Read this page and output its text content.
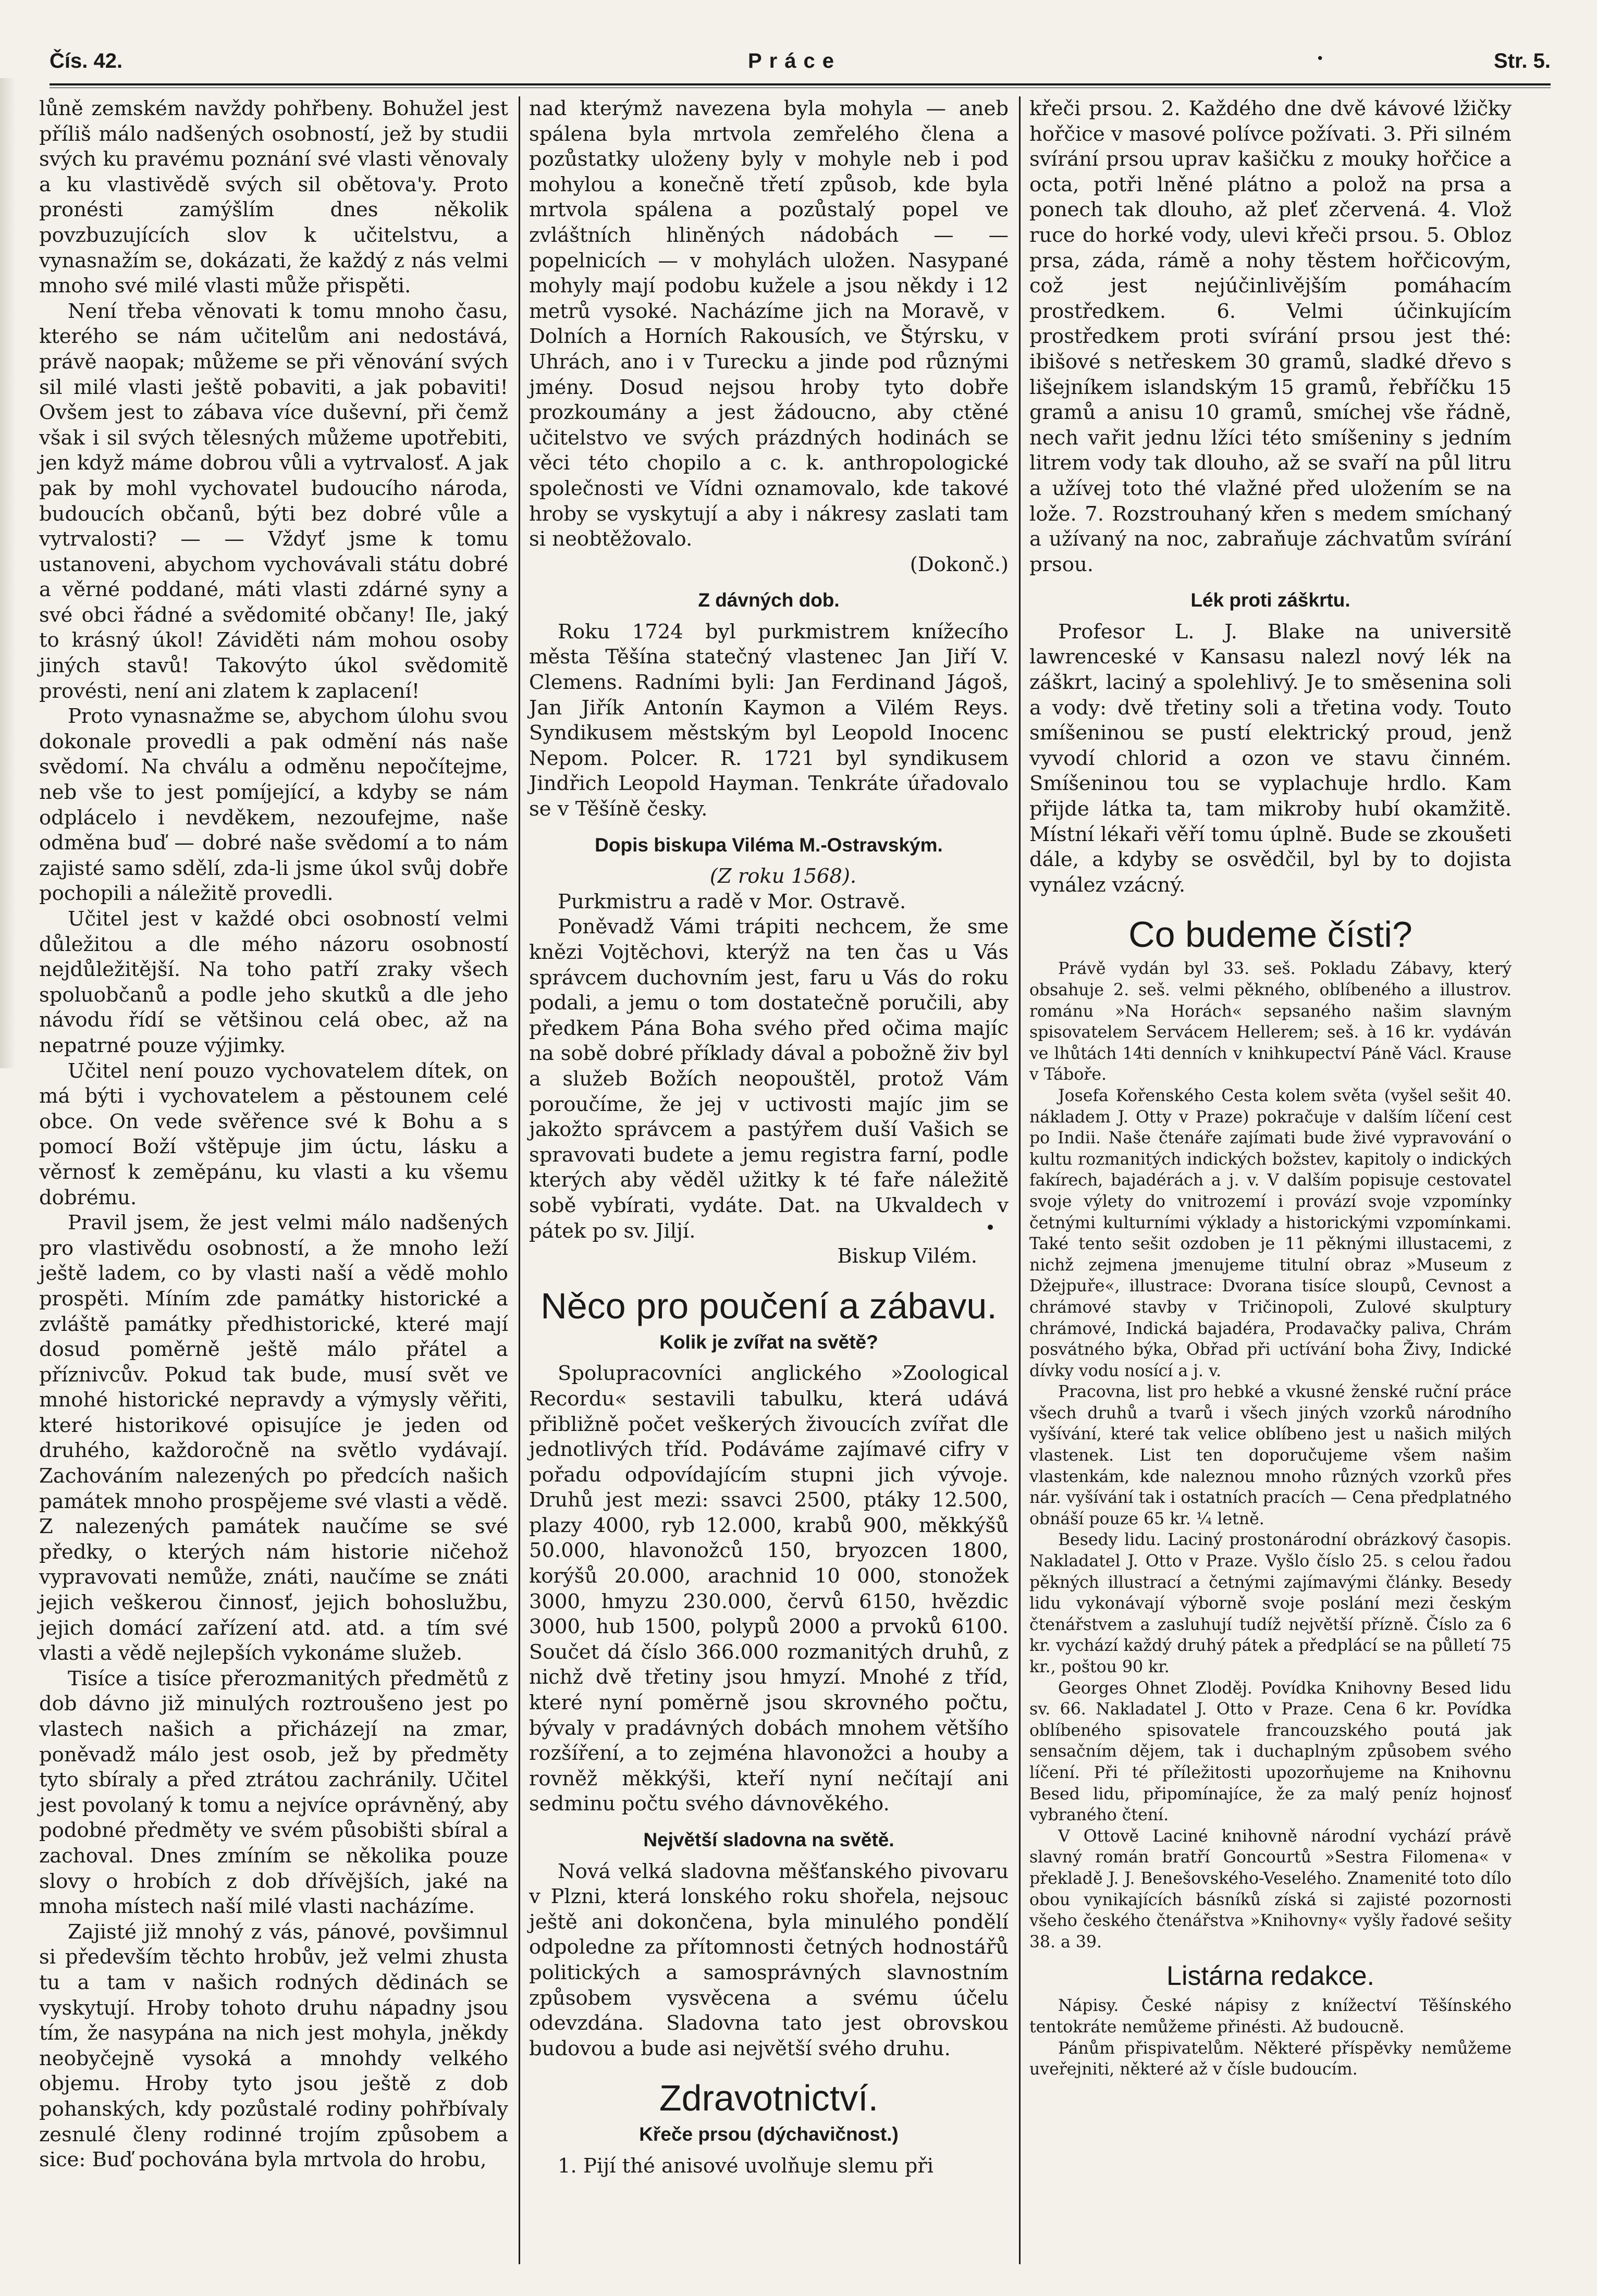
Čís. 42.	Práce	Str. 5.
•

lůně zemském navždy pohřbeny. Bohužel jest příliš málo nadšených osobností, jež by studii svých ku pravému poznání své vlasti věnovaly a ku vlastivědě svých sil obětova'y. Proto pronésti zamýšlím dnes několik povzbuzujících slov k učitelstvu, a vynasnažím se, dokázati, že každý z nás velmi mnoho své milé vlasti může přispěti.

Není třeba věnovati k tomu mnoho času, kterého se nám učitelům ani nedostává, právě naopak; můžeme se při věnování svých sil milé vlasti ještě pobaviti, a jak pobaviti! Ovšem jest to zábava více duševní, při čemž však i sil svých tělesných můžeme upotřebiti, jen když máme dobrou vůli a vytrvalosť. A jak pak by mohl vychovatel budoucího národa, budoucích občanů, býti bez dobré vůle a vytrvalosti? — — Vždyť jsme k tomu ustanoveni, abychom vychovávali státu dobré a věrné poddané, máti vlasti zdárné syny a své obci řádné a svědomité občany! Ile, jaký to krásný úkol! Záviděti nám mohou osoby jiných stavů! Takovýto úkol svědomitě provésti, není ani zlatem k zaplacení!

Proto vynasnažme se, abychom úlohu svou dokonale provedli a pak odmění nás naše svědomí. Na chválu a odměnu nepočítejme, neb vše to jest pomíjející, a kdyby se nám odplácelo i nevděkem, nezoufejme, naše odměna buď — dobré naše svědomí a to nám zajisté samo sdělí, zda-li jsme úkol svůj dobře pochopili a náležitě provedli.

Učitel jest v každé obci osobností velmi důležitou a dle mého názoru osobností nejdůležitější. Na toho patří zraky všech spoluobčanů a podle jeho skutků a dle jeho návodu řídí se většinou celá obec, až na nepatrné pouze výjimky.

Učitel není pouzo vychovatelem dítek, on má býti i vychovatelem a pěstounem celé obce. On vede svěřence své k Bohu a s pomocí Boží vštěpuje jim úctu, lásku a věrnosť k zeměpánu, ku vlasti a ku všemu dobrému.

Pravil jsem, že jest velmi málo nadšených pro vlastivědu osobností, a že mnoho leží ještě ladem, co by vlasti naší a vědě mohlo prospěti. Míním zde památky historické a zvláště památky předhistorické, které mají dosud poměrně ještě málo přátel a příznivcův. Pokud tak bude, musí svět ve mnohé historické nepravdy a výmysly věřiti, které historikové opisujíce je jeden od druhého, každoročně na světlo vydávají. Zachováním nalezených po předcích našich památek mnoho prospějeme své vlasti a vědě. Z nalezených památek naučíme se své předky, o kterých nám historie ničehož vypravovati nemůže, znáti, naučíme se znáti jejich veškerou činnosť, jejich bohoslužbu, jejich domácí zařízení atd. atd. a tím své vlasti a vědě nejlepších vykonáme služeb.

Tisíce a tisíce přerozmanitých předmětů z dob dávno již minulých roztroušeno jest po vlastech našich a přicházejí na zmar, poněvadž málo jest osob, jež by předměty tyto sbíraly a před ztrátou zachránily. Učitel jest povolaný k tomu a nejvíce oprávněný, aby podobné předměty ve svém působišti sbíral a zachoval. Dnes zmíním se několika pouze slovy o hrobích z dob dřívějších, jaké na mnoha místech naší milé vlasti nacházíme.

Zajisté již mnohý z vás, pánové, povšimnul si především těchto hrobův, jež velmi zhusta tu a tam v našich rodných dědinách se vyskytují. Hroby tohoto druhu nápadny jsou tím, že nasypána na nich jest mohyla, jněkdy neobyčejně vysoká a mnohdy velkého objemu. Hroby tyto jsou ještě z dob pohanských, kdy pozůstalé rodiny pohřbívaly zesnulé členy rodinné trojím způsobem a sice: Buď pochována byla mrtvola do hrobu,

nad kterýmž navezena byla mohyla — aneb spálena byla mrtvola zemřelého člena a pozůstatky uloženy byly v mohyle neb i pod mohylou a konečně třetí způsob, kde byla mrtvola spálena a pozůstalý popel ve zvláštních hliněných nádobách — — popelnicích — v mohylách uložen. Nasypané mohyly mají podobu kužele a jsou někdy i 12 metrů vysoké. Nacházíme jich na Moravě, v Dolních a Horních Rakousích, ve Štýrsku, v Uhrách, ano i v Turecku a jinde pod různými jmény. Dosud nejsou hroby tyto dobře prozkoumány a jest žádoucno, aby ctěné učitelstvo ve svých prázdných hodinách se věci této chopilo a c. k. anthropologické společnosti ve Vídni oznamovalo, kde takové hroby se vyskytují a aby i nákresy zaslati tam si neobtěžovalo.

(Dokonč.)

Z dávných dob.

Roku 1724 byl purkmistrem knížecího města Těšína statečný vlastenec Jan Jiří V. Clemens. Radními byli: Jan Ferdinand Jágoš, Jan Jiřík Antonín Kaymon a Vilém Reys. Syndikusem městským byl Leopold Inocenc Nepom. Polcer. R. 1721 byl syndikusem Jindřich Leopold Hayman. Tenkráte úřadovalo se v Těšíně česky.

Dopis biskupa Viléma M.-Ostravským.

(Z roku 1568).

Purkmistru a radě v Mor. Ostravě.

Poněvadž Vámi trápiti nechcem, že sme knězi Vojtěchovi, kterýž na ten čas u Vás správcem duchovním jest, faru u Vás do roku podali, a jemu o tom dostatečně poručili, aby předkem Pána Boha svého před očima majíc na sobě dobré příklady dával a pobožně živ byl a služeb Božích neopouštěl, protož Vám poroučíme, že jej v uctivosti majíc jim se jakožto správcem a pastýřem duší Vašich se spravovati budete a jemu registra farní, podle kterých aby věděl užitky k té faře náležitě sobě vybírati, vydáte. Dat. na Ukvaldech v pátek po sv. Jiljí.

Biskup Vilém.

Něco pro poučení a zábavu.
Kolik je zvířat na světě?

Spolupracovníci anglického »Zoological Recordu« sestavili tabulku, která udává přibližně počet veškerých živoucích zvířat dle jednotlivých tříd. Podáváme zajímavé cifry v pořadu odpovídajícím stupni jich vývoje. Druhů jest mezi: ssavci 2500, ptáky 12.500, plazy 4000, ryb 12.000, krabů 900, měkkýšů 50.000, hlavonožců 150, bryozcen 1800, korýšů 20.000, arachnid 10 000, stonožek 3000, hmyzu 230.000, červů 6150, hvězdic 3000, hub 1500, polypů 2000 a prvoků 6100. Součet dá číslo 366.000 rozmanitých druhů, z nichž dvě třetiny jsou hmyzí. Mnohé z tříd, které nyní poměrně jsou skrovného počtu, bývaly v pradávných dobách mnohem většího rozšíření, a to zejména hlavonožci a houby a rovněž měkkýši, kteří nyní nečítají ani sedminu počtu svého dávnověkého.

Největší sladovna na světě.

Nová velká sladovna měšťanského pivovaru v Plzni, která lonského roku shořela, nejsouc ještě ani dokončena, byla minulého pondělí odpoledne za přítomnosti četných hodnostářů politických a samosprávných slavnostním způsobem vysvěcena a svému účelu odevzdána. Sladovna tato jest obrovskou budovou a bude asi největší svého druhu.

Zdravotnictví.
Křeče prsou (dýchavičnost.)

1. Pijí thé anisové uvolňuje slemu při

křeči prsou. 2. Každého dne dvě kávové lžičky hořčice v masové polívce požívati. 3. Při silném svírání prsou uprav kašičku z mouky hořčice a octa, potři lněné plátno a polož na prsa a ponech tak dlouho, až pleť zčervená. 4. Vlož ruce do horké vody, ulevi křeči prsou. 5. Obloz prsa, záda, rámě a nohy těstem hořčicovým, což jest nejúčinlivějším pomáhacím prostředkem. 6. Velmi účinkujícím prostředkem proti svírání prsou jest thé: ibišové s netřeskem 30 gramů, sladké dřevo s lišejníkem islandským 15 gramů, řebříčku 15 gramů a anisu 10 gramů, smíchej vše řádně, nech vařit jednu lžíci této smíšeniny s jedním litrem vody tak dlouho, až se svaří na půl litru a užívej toto thé vlažné před uložením se na lože. 7. Rozstrouhaný křen s medem smíchaný a užívaný na noc, zabraňuje záchvatům svírání prsou.

Lék proti záškrtu.

Profesor L. J. Blake na universitě lawrenceské v Kansasu nalezl nový lék na záškrt, laciný a spolehlivý. Je to směsenina soli a vody: dvě třetiny soli a třetina vody. Touto smíšeninou se pustí elektrický proud, jenž vyvodí chlorid a ozon ve stavu činném. Smíšeninou tou se vyplachuje hrdlo. Kam přijde látka ta, tam mikroby hubí okamžitě. Místní lékaři věří tomu úplně. Bude se zkoušeti dále, a kdyby se osvědčil, byl by to dojista vynález vzácný.

Co budeme čísti?

Právě vydán byl 33. seš. Pokladu Zábavy, který obsahuje 2. seš. velmi pěkného, oblíbeného a illustrov. románu »Na Horách« sepsaného našim slavným spisovatelem Servácem Hellerem; seš. à 16 kr. vydáván ve lhůtách 14ti denních v knihkupectví Páně Václ. Krause v Táboře.

Josefa Kořenského Cesta kolem světa (vyšel sešit 40. nákladem J. Otty v Praze) pokračuje v dalším líčení cest po Indii. Naše čtenáře zajímati bude živé vypravování o kultu rozmanitých indických božstev, kapitoly o indických fakírech, bajadérách a j. v. V dalším popisuje cestovatel svoje výlety do vnitrozemí i provází svoje vzpomínky četnými kulturními výklady a historickými vzpomínkami. Také tento sešit ozdoben je 11 pěknými illustacemi, z nichž zejmena jmenujeme titulní obraz »Museum z Džejpuře«, illustrace: Dvorana tisíce sloupů, Cevnost a chrámové stavby v Tričinopoli, Zulové skulptury chrámové, Indická bajadéra, Prodavačky paliva, Chrám posvátného býka, Obřad při uctívání boha Živy, Indické dívky vodu nosící a j. v.

Pracovna, list pro hebké a vkusné ženské ruční práce všech druhů a tvarů i všech jiných vzorků národního vyšívání, které tak velice oblíbeno jest u našich milých vlastenek. List ten doporučujeme všem našim vlastenkám, kde naleznou mnoho různých vzorků přes nár. vyšívání tak i ostatních pracích — Cena předplatného obnáší pouze 65 kr. ¼ letně.

Besedy lidu. Laciný prostonárodní obrázkový časopis. Nakladatel J. Otto v Praze. Vyšlo číslo 25. s celou řadou pěkných illustrací a četnými zajímavými články. Besedy lidu vykonávají výborně svoje poslání mezi českým čtenářstvem a zasluhují tudíž největší přízně. Číslo za 6 kr. vychází každý druhý pátek a předplácí se na půlletí 75 kr., poštou 90 kr.

Georges Ohnet Zloděj. Povídka Knihovny Besed lidu sv. 66. Nakladatel J. Otto v Praze. Cena 6 kr. Povídka oblíbeného spisovatele francouzského poutá jak sensačním dějem, tak i duchaplným způsobem svého líčení. Při té příležitosti upozorňujeme na Knihovnu Besed lidu, připomínajíce, že za malý peníz hojnosť vybraného čtení.

V Ottově Laciné knihovně národní vychází právě slavný román bratří Goncourtů »Sestra Filomena« v překladě J. J. Benešovského-Veselého. Znamenité toto dílo obou vynikajících básníků získá si zajisté pozornosti všeho českého čtenářstva »Knihovny« vyšly řadové sešity 38. a 39.

Listárna redakce.

Nápisy. České nápisy z knížectví Těšínského tentokráte nemůžeme přinésti. Až budoucně.

Pánům přispivatelům. Některé příspěvky nemůžeme uveřejniti, některé až v čísle budoucím.
